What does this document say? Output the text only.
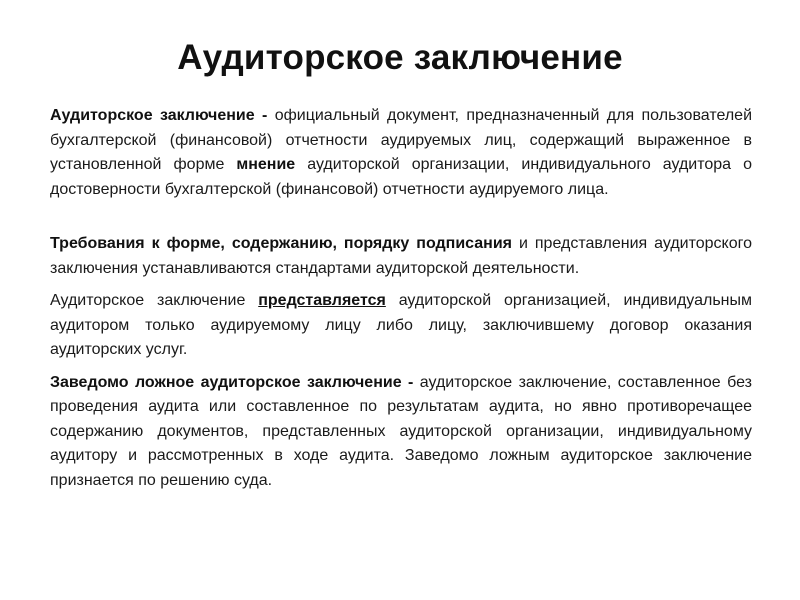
Аудиторское заключение

Аудиторское заключение - официальный документ, предназначенный для пользователей бухгалтерской (финансовой) отчетности аудируемых лиц, содержащий выраженное в установленной форме мнение аудиторской организации, индивидуального аудитора о достоверности бухгалтерской (финансовой) отчетности аудируемого лица.

Требования к форме, содержанию, порядку подписания и представления аудиторского заключения устанавливаются стандартами аудиторской деятельности.

Аудиторское заключение представляется аудиторской организацией, индивидуальным аудитором только аудируемому лицу либо лицу, заключившему договор оказания аудиторских услуг.

Заведомо ложное аудиторское заключение - аудиторское заключение, составленное без проведения аудита или составленное по результатам аудита, но явно противоречащее содержанию документов, представленных аудиторской организации, индивидуальному аудитору и рассмотренных в ходе аудита. Заведомо ложным аудиторское заключение признается по решению суда.
